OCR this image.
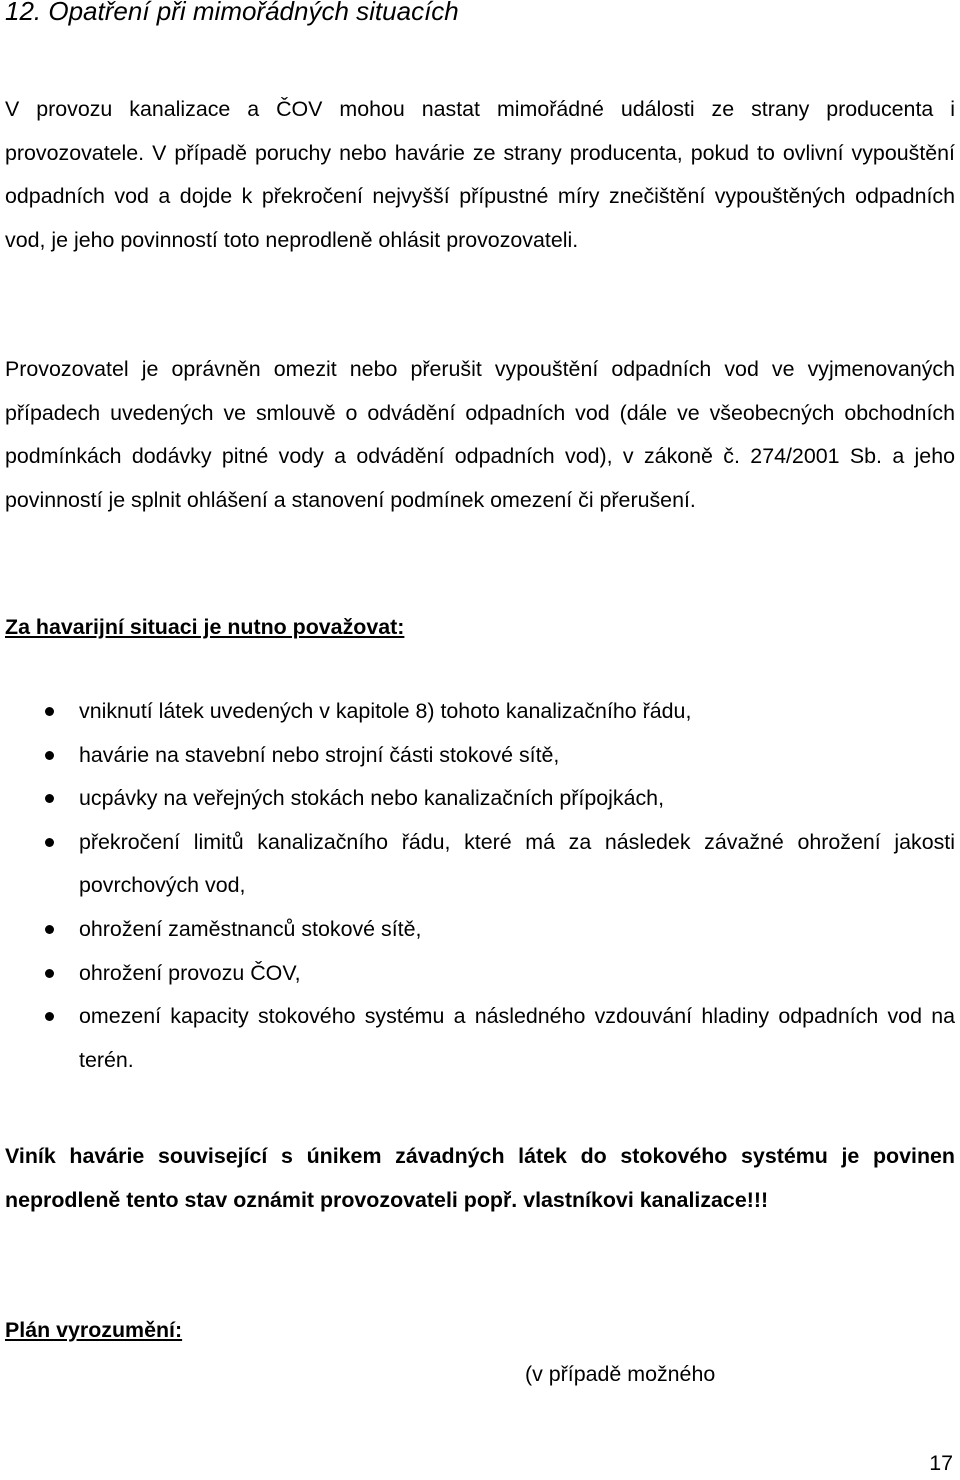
12. Opatření při mimořádných situacích

V provozu kanalizace a ČOV mohou nastat mimořádné události ze strany producenta i provozovatele. V případě poruchy nebo havárie ze strany producenta, pokud to ovlivní vypouštění odpadních vod a dojde k překročení nejvyšší přípustné míry znečištění vypouštěných odpadních vod, je jeho povinností toto neprodleně ohlásit provozovateli.

Provozovatel je oprávněn omezit nebo přerušit vypouštění odpadních vod ve vyjmenovaných případech uvedených ve smlouvě o odvádění odpadních vod (dále ve všeobecných obchodních podmínkách dodávky pitné vody a odvádění odpadních vod), v zákoně č. 274/2001 Sb. a jeho povinností je splnit ohlášení a stanovení podmínek omezení či přerušení.

Za havarijní situaci je nutno považovat:

vniknutí látek uvedených v kapitole 8) tohoto kanalizačního řádu,
havárie na stavební nebo strojní části stokové sítě,
ucpávky na veřejných stokách nebo kanalizačních přípojkách,
překročení limitů kanalizačního řádu, které má za následek závažné ohrožení jakosti povrchových vod,
ohrožení zaměstnanců stokové sítě,
ohrožení provozu ČOV,
omezení kapacity stokového systému a následného vzdouvání hladiny odpadních vod na terén.

Viník havárie související s únikem závadných látek do stokového systému je povinen neprodleně tento stav oznámit provozovateli popř. vlastníkovi kanalizace!!!

Plán vyrozumění:

(v případě možného

17
